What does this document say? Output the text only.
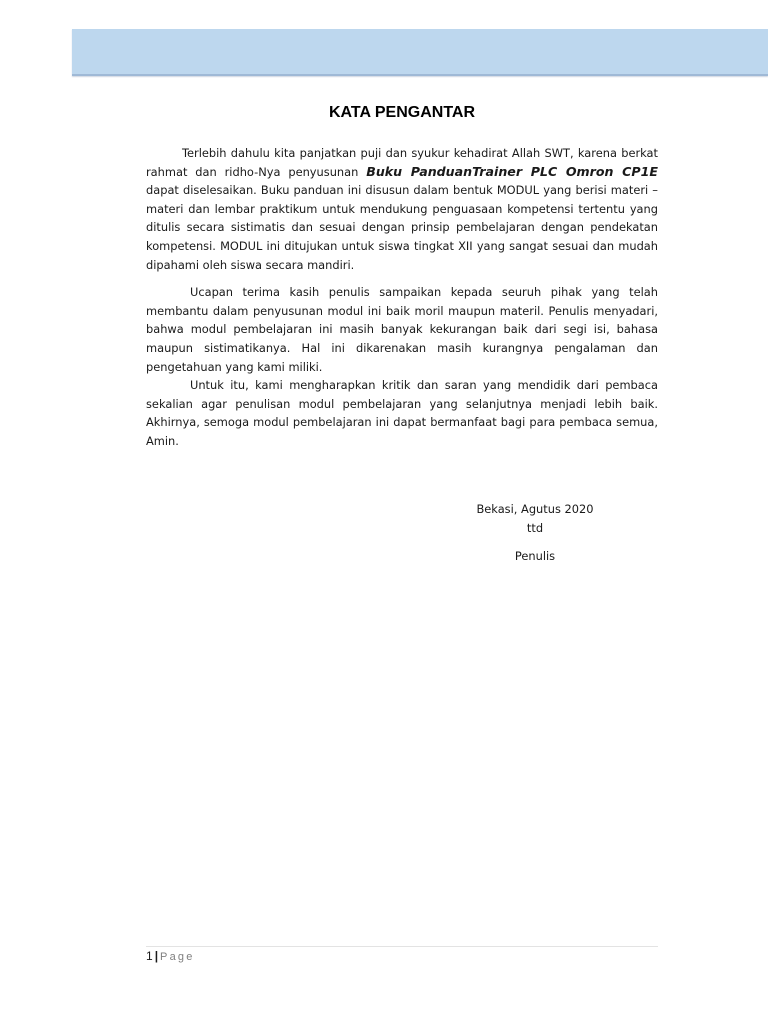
KATA PENGANTAR

Terlebih dahulu kita panjatkan puji dan syukur kehadirat Allah SWT, karena berkat rahmat dan ridho-Nya penyusunan Buku PanduanTrainer PLC Omron CP1E dapat diselesaikan. Buku panduan ini disusun dalam bentuk MODUL yang berisi materi – materi dan lembar praktikum untuk mendukung penguasaan kompetensi tertentu yang ditulis secara sistimatis dan sesuai dengan prinsip pembelajaran dengan pendekatan kompetensi. MODUL ini ditujukan untuk siswa tingkat XII yang sangat sesuai dan mudah dipahami oleh siswa secara mandiri.

Ucapan terima kasih penulis sampaikan kepada seuruh pihak yang telah membantu dalam penyusunan modul ini baik moril maupun materil. Penulis menyadari, bahwa modul pembelajaran ini masih banyak kekurangan baik dari segi isi, bahasa maupun sistimatikanya. Hal ini dikarenakan masih kurangnya pengalaman dan pengetahuan yang kami miliki.

Untuk itu, kami mengharapkan kritik dan saran yang mendidik dari pembaca sekalian agar penulisan modul pembelajaran yang selanjutnya menjadi lebih baik. Akhirnya, semoga modul pembelajaran ini dapat bermanfaat bagi para pembaca semua, Amin.

Bekasi, Agutus 2020
ttd
Penulis
1 | Page
